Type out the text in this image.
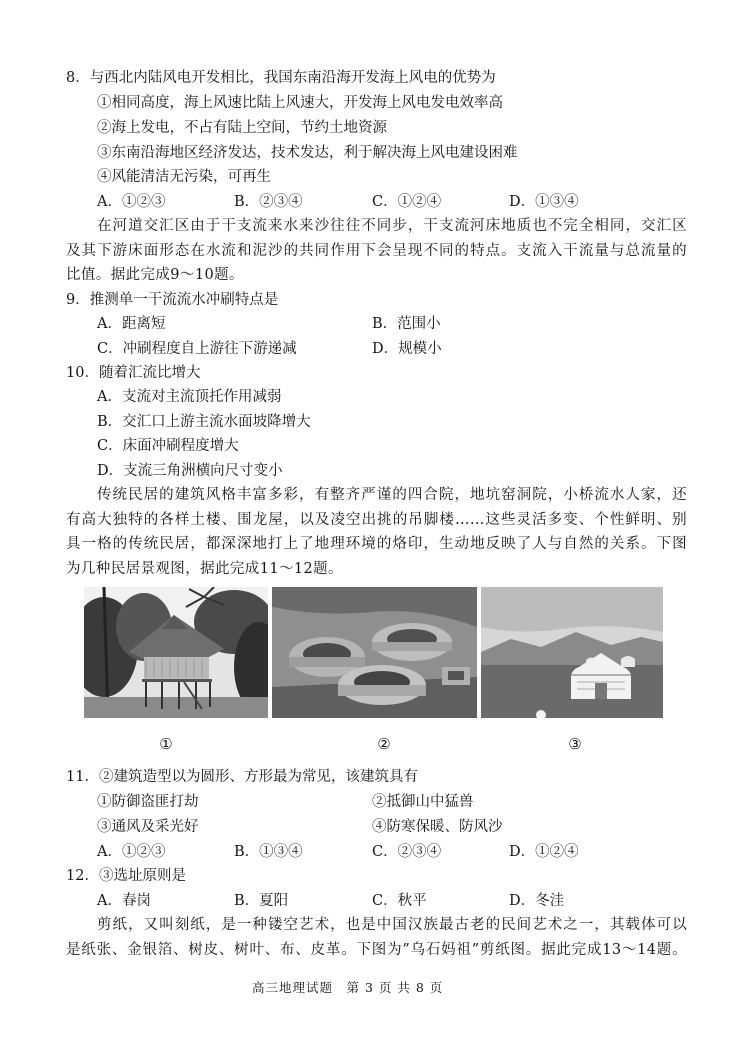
8．与西北内陆风电开发相比，我国东南沿海开发海上风电的优势为
①相同高度，海上风速比陆上风速大，开发海上风电发电效率高
②海上发电，不占有陆上空间，节约土地资源
③东南沿海地区经济发达，技术发达，利于解决海上风电建设困难
④风能清洁无污染，可再生
A．①②③	B．②③④	C．①②④	D．①③④
在河道交汇区由于干支流来水来沙往往不同步，干支流河床地质也不完全相同，交汇区
及其下游床面形态在水流和泥沙的共同作用下会呈现不同的特点。支流入干流量与总流量的
比值。据此完成9～10题。
9．推测单一干流流水冲刷特点是
A．距离短	B．范围小
C．冲刷程度自上游往下游递减	D．规模小
10．随着汇流比增大
A．支流对主流顶托作用减弱
B．交汇口上游主流水面坡降增大
C．床面冲刷程度增大
D．支流三角洲横向尺寸变小
传统民居的建筑风格丰富多彩，有整齐严谨的四合院，地坑窑洞院，小桥流水人家，还
有高大独特的各样土楼、围龙屋，以及凌空出挑的吊脚楼……这些灵活多变、个性鲜明、别
具一格的传统民居，都深深地打上了地理环境的烙印，生动地反映了人与自然的关系。下图
为几种民居景观图，据此完成11～12题。
①	②	③
11．②建筑造型以为圆形、方形最为常见，该建筑具有
①防御盗匪打劫	②抵御山中猛兽
③通风及采光好	④防寒保暖、防风沙
A．①②③	B．①③④	C．②③④	D．①②④
12．③选址原则是
A．春岗	B．夏阳	C．秋平	D．冬洼
剪纸，又叫刻纸，是一种镂空艺术，也是中国汉族最古老的民间艺术之一，其载体可以
是纸张、金银箔、树皮、树叶、布、皮革。下图为”乌石妈祖”剪纸图。据此完成13～14题。
高三地理试题　第 3 页 共 8 页
